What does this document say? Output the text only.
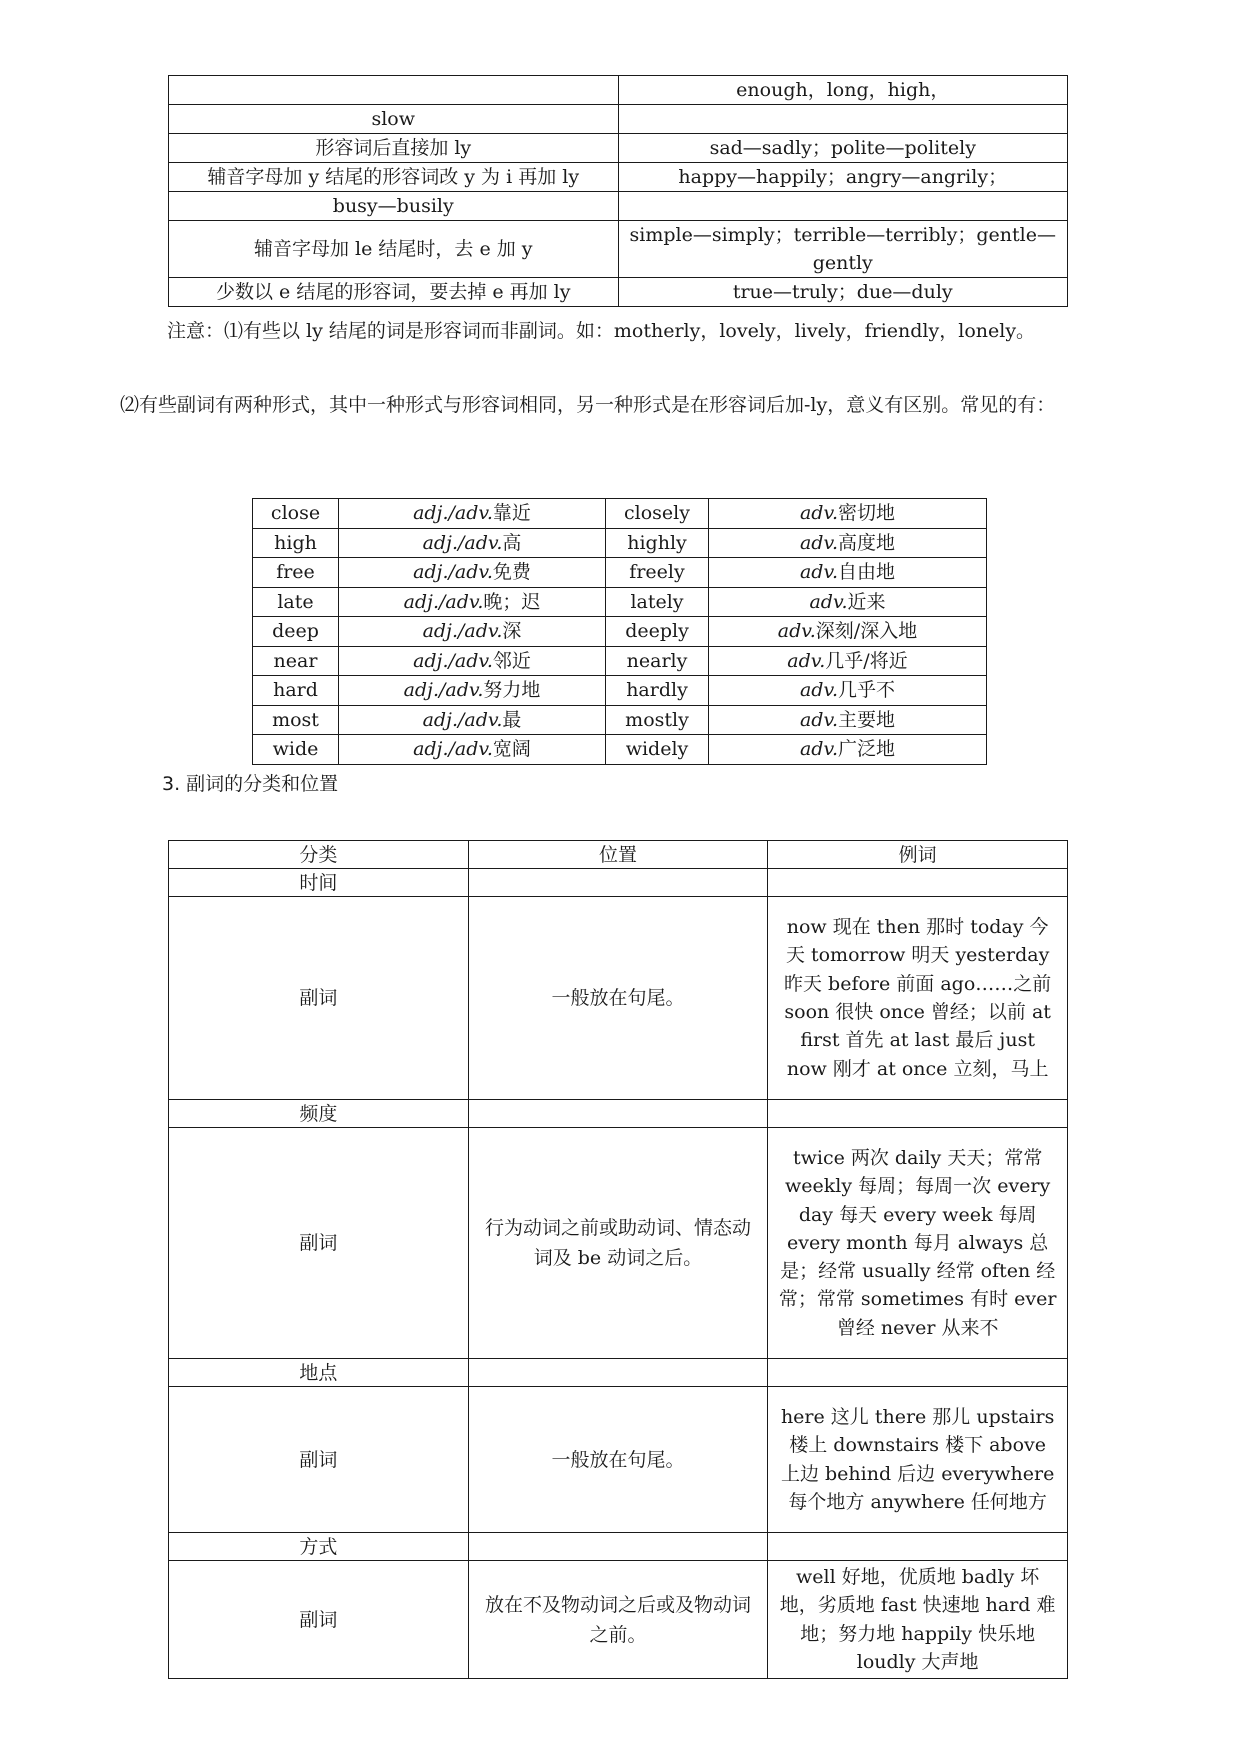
	enough，long，high，
slow	
形容词后直接加 ly	sad—sadly；polite—politely
辅音字母加 y 结尾的形容词改 y 为 i 再加 ly	happy—happily；angry—angrily；
busy—busily	
辅音字母加 le 结尾时，去 e 加 y	simple—simply；terrible—terribly；gentle—gently
少数以 e 结尾的形容词，要去掉 e 再加 ly	true—truly；due—duly

注意：⑴有些以 ly 结尾的词是形容词而非副词。如：motherly，lovely，lively，friendly，lonely。

⑵有些副词有两种形式，其中一种形式与形容词相同，另一种形式是在形容词后加-ly，意义有区别。常见的有：

close	adj./adv.靠近	closely	adv.密切地
high	adj./adv.高	highly	adv.高度地
free	adj./adv.免费	freely	adv.自由地
late	adj./adv.晚；迟	lately	adv.近来
deep	adj./adv.深	deeply	adv.深刻/深入地
near	adj./adv.邻近	nearly	adv.几乎/将近
hard	adj./adv.努力地	hardly	adv.几乎不
most	adj./adv.最	mostly	adv.主要地
wide	adj./adv.宽阔	widely	adv.广泛地
3. 副词的分类和位置
分类	位置	例词
时间		
副词	一般放在句尾。	now 现在 then 那时 today 今天 tomorrow 明天 yesterday 昨天 before 前面 ago……之前 soon 很快 once 曾经；以前 at first 首先 at last 最后 just now 刚才 at once 立刻，马上
频度		
副词	行为动词之前或助动词、情态动词及 be 动词之后。	twice 两次 daily 天天；常常 weekly 每周；每周一次 every day 每天 every week 每周 every month 每月 always 总是；经常 usually 经常 often 经常；常常 sometimes 有时 ever 曾经 never 从来不
地点		
副词	一般放在句尾。	here 这儿 there 那儿 upstairs 楼上 downstairs 楼下 above 上边 behind 后边 everywhere 每个地方 anywhere 任何地方
方式		
副词	放在不及物动词之后或及物动词之前。	well 好地，优质地 badly 坏地，劣质地 fast 快速地 hard 难地；努力地 happily 快乐地 loudly 大声地
